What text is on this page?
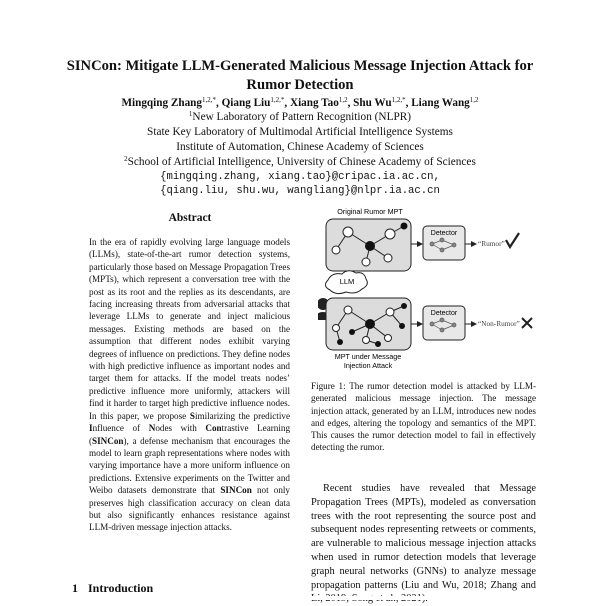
SINCon: Mitigate LLM-Generated Malicious Message Injection Attack for
Rumor Detection
Mingqing Zhang$^{1,2,*}$, Qiang Liu$^{1,2,*}$, Xiang Tao$^{1,2}$, Shu $Wu^{1,2,*}$, Liang Wang$^{1,2}$
$^1$New Laboratory of Pattern Recognition (NLPR)
State Key Laboratory of Multimodal Artificial Intelligence Systems
Institute of Automation, Chinese Academy of Sciences
$^2$School of Artificial Intelligence, University of Chinese Academy of Sciences
{mingqing.zhang, xiang.tao}@cripac.ia.ac.cn,
{qiang.liu, shu.wu, wangliang}@nlpr.ia.ac.cn
Abstract

In the era of rapidly evolving large language models (LLMs), state-of-the-art rumor detection systems, particularly those based on Message Propagation Trees (MPTs), which represent a conversation tree with the post as its root and the replies as its descendants, are facing increasing threats from adversarial attacks that leverage LLMs to generate and inject malicious messages. Existing methods are based on the assumption that different nodes exhibit varying degrees of influence on predictions. They define nodes with high predictive influence as important nodes and target them for attacks. If the model treats nodes’ predictive influence more uniformly, attackers will find it harder to target high predictive influence nodes. In this paper, we propose Similarizing the predictive Influence of Nodes with Contrastive Learning (SINCon), a defense mechanism that encourages the model to learn graph representations where nodes with varying importance have a more uniform influence on predictions. Extensive experiments on the Twitter and Weibo datasets demonstrate that SINCon not only preserves high classification accuracy on clean data but also significantly enhances resistance against LLM-driven message injection attacks.

1 Introduction
Original Rumor MPT
Detector
“Rumor”
LLM
Detector
“Non-Rumor”
MPT under Message
Injection Attack
Figure 1: The rumor detection model is attacked by LLM-generated malicious message injection. The message injection attack, generated by an LLM, introduces new nodes and edges, altering the topology and semantics of the MPT. This causes the rumor detection model to fail in effectively detecting the rumor.
Recent studies have revealed that Message Propagation Trees (MPTs), modeled as conversation trees with the root representing the source post and subsequent nodes representing retweets or comments, are vulnerable to malicious message injection attacks when used in rumor detection models that leverage graph neural networks (GNNs) to analyze message propagation patterns (Liu and Wu, 2018; Zhang and
